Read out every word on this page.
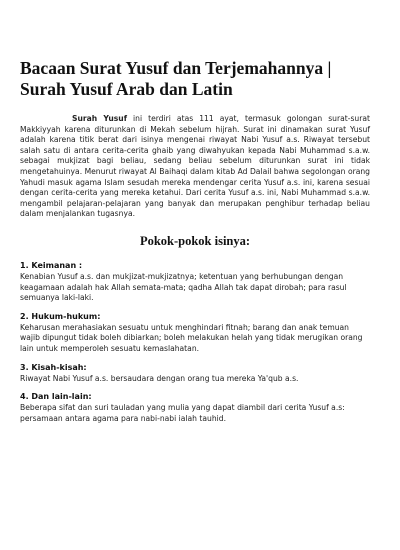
Bacaan Surat Yusuf dan Terjemahannya | Surah Yusuf Arab dan Latin

Surah Yusuf ini terdiri atas 111 ayat, termasuk golongan surat-surat Makkiyyah karena diturunkan di Mekah sebelum hijrah. Surat ini dinamakan surat Yusuf adalah karena titik berat dari isinya mengenai riwayat Nabi Yusuf a.s. Riwayat tersebut salah satu di antara cerita-cerita ghaib yang diwahyukan kepada Nabi Muhammad s.a.w. sebagai mukjizat bagi beliau, sedang beliau sebelum diturunkan surat ini tidak mengetahuinya. Menurut riwayat Al Baihaqi dalam kitab Ad Dalail bahwa segolongan orang Yahudi masuk agama Islam sesudah mereka mendengar cerita Yusuf a.s. ini, karena sesuai dengan cerita-cerita yang mereka ketahui. Dari cerita Yusuf a.s. ini, Nabi Muhammad s.a.w. mengambil pelajaran-pelajaran yang banyak dan merupakan penghibur terhadap beliau dalam menjalankan tugasnya.

Pokok-pokok isinya:
1. Keimanan :

Kenabian Yusuf a.s. dan mukjizat-mukjizatnya; ketentuan yang berhubungan dengan keagamaan adalah hak Allah semata-mata; qadha Allah tak dapat dirobah; para rasul semuanya laki-laki.

2. Hukum-hukum:

Keharusan merahasiakan sesuatu untuk menghindari fitnah; barang dan anak temuan wajib dipungut tidak boleh dibiarkan; boleh melakukan helah yang tidak merugikan orang lain untuk memperoleh sesuatu kemaslahatan.

3. Kisah-kisah:

Riwayat Nabi Yusuf a.s. bersaudara dengan orang tua mereka Ya'qub a.s.

4. Dan lain-lain:

Beberapa sifat dan suri tauladan yang mulia yang dapat diambil dari cerita Yusuf a.s: persamaan antara agama para nabi-nabi ialah tauhid.
